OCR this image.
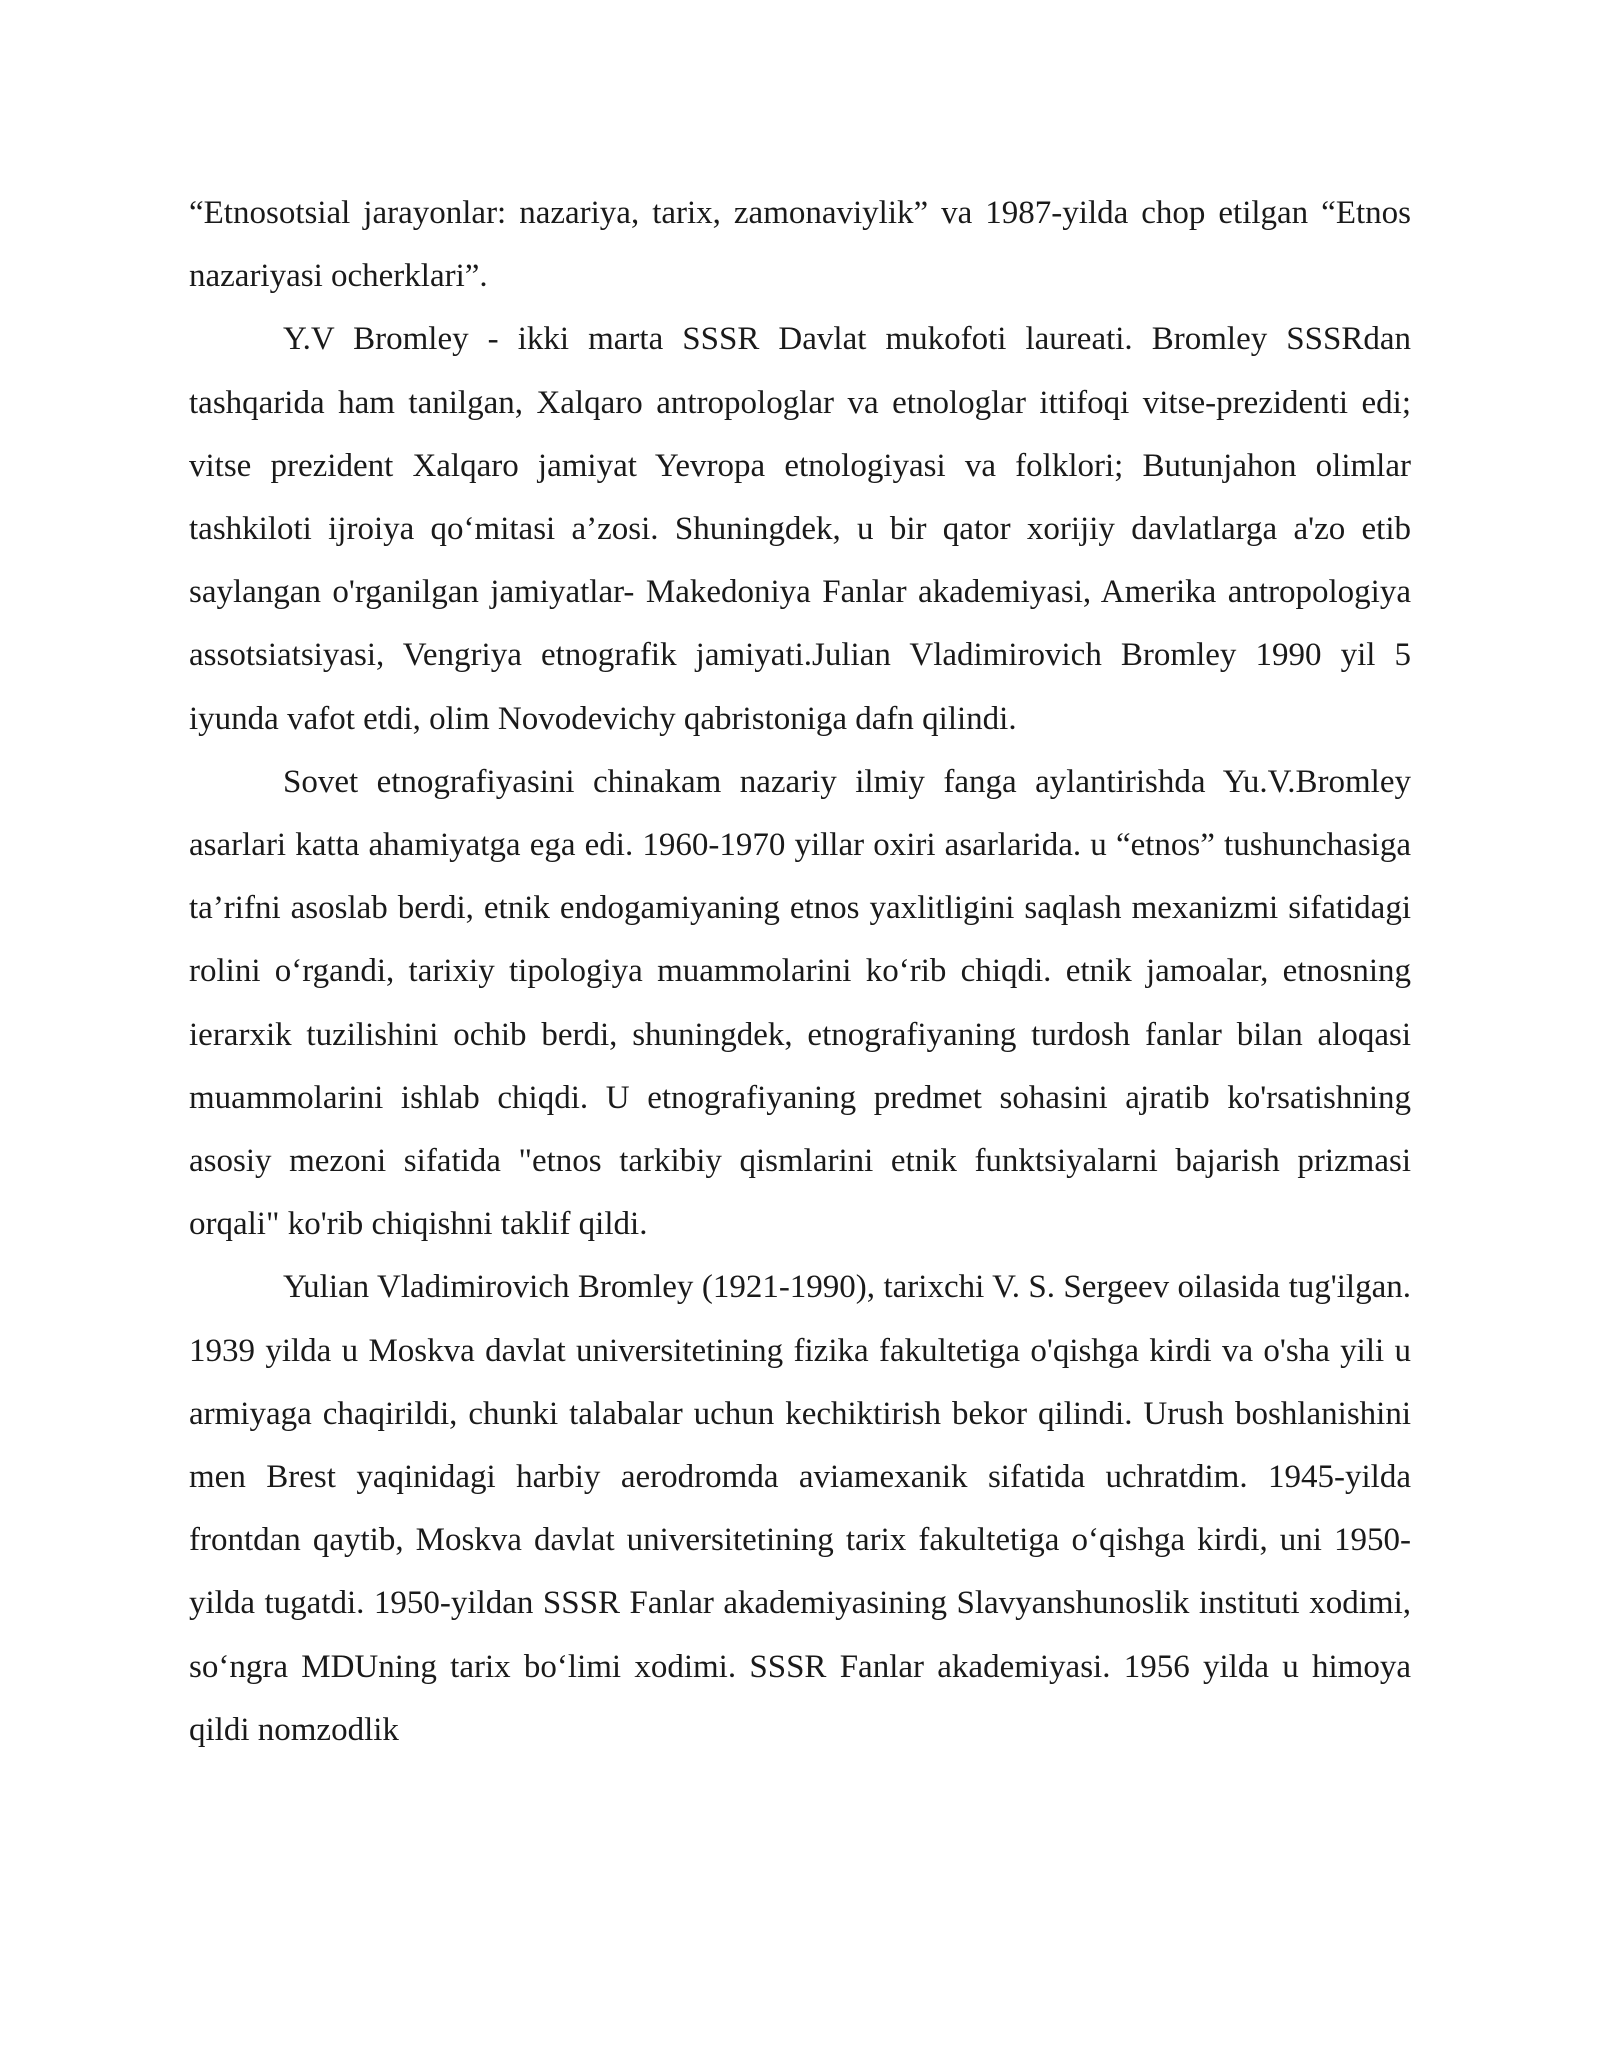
“Etnosotsial jarayonlar: nazariya, tarix, zamonaviylik” va 1987-yilda chop etilgan “Etnos nazariyasi ocherklari”.

Y.V Bromley - ikki marta SSSR Davlat mukofoti laureati. Bromley SSSRdan tashqarida ham tanilgan, Xalqaro antropologlar va etnologlar ittifoqi vitse-prezidenti edi; vitse prezident Xalqaro jamiyat Yevropa etnologiyasi va folklori; Butunjahon olimlar tashkiloti ijroiya qo‘mitasi a’zosi. Shuningdek, u bir qator xorijiy davlatlarga a'zo etib saylangan o'rganilgan jamiyatlar- Makedoniya Fanlar akademiyasi, Amerika antropologiya assotsiatsiyasi, Vengriya etnografik jamiyati.Julian Vladimirovich Bromley 1990 yil 5 iyunda vafot etdi, olim Novodevichy qabristoniga dafn qilindi.

Sovet etnografiyasini chinakam nazariy ilmiy fanga aylantirishda Yu.V.Bromley asarlari katta ahamiyatga ega edi. 1960-1970 yillar oxiri asarlarida. u “etnos” tushunchasiga ta’rifni asoslab berdi, etnik endogamiyaning etnos yaxlitligini saqlash mexanizmi sifatidagi rolini o‘rgandi, tarixiy tipologiya muammolarini ko‘rib chiqdi. etnik jamoalar, etnosning ierarxik tuzilishini ochib berdi, shuningdek, etnografiyaning turdosh fanlar bilan aloqasi muammolarini ishlab chiqdi. U etnografiyaning predmet sohasini ajratib ko'rsatishning asosiy mezoni sifatida "etnos tarkibiy qismlarini etnik funktsiyalarni bajarish prizmasi orqali" ko'rib chiqishni taklif qildi.

Yulian Vladimirovich Bromley (1921-1990), tarixchi V. S. Sergeev oilasida tug'ilgan. 1939 yilda u Moskva davlat universitetining fizika fakultetiga o'qishga kirdi va o'sha yili u armiyaga chaqirildi, chunki talabalar uchun kechiktirish bekor qilindi. Urush boshlanishini men Brest yaqinidagi harbiy aerodromda aviamexanik sifatida uchratdim. 1945-yilda frontdan qaytib, Moskva davlat universitetining tarix fakultetiga o‘qishga kirdi, uni 1950-yilda tugatdi. 1950-yildan SSSR Fanlar akademiyasining Slavyanshunoslik instituti xodimi, so‘ngra MDUning tarix bo‘limi xodimi. SSSR Fanlar akademiyasi. 1956 yilda u himoya qildi nomzodlik
